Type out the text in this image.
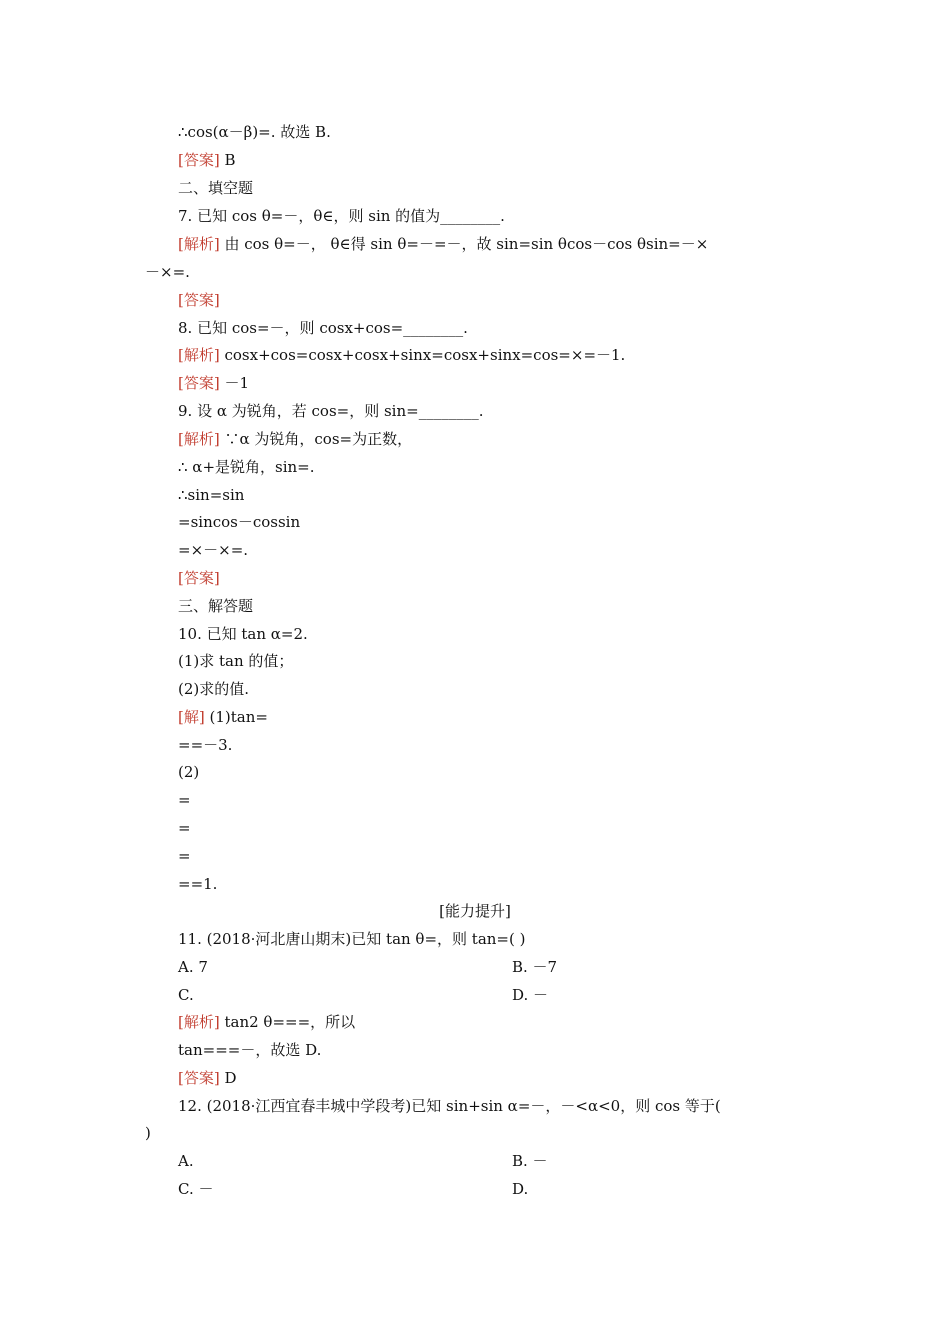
∴cos(α－β)=. 故选 B.
[答案] B
二、填空题
7. 已知 cos θ=－，θ∈，则 sin 的值为________.
[解析] 由 cos θ=－， θ∈得 sin θ=－=－，故 sin=sin θcos－cos θsin=－×
－×=.
[答案]
8. 已知 cos=－，则 cosx+cos=________.
[解析] cosx+cos=cosx+cosx+sinx=cosx+sinx=cos=×=－1.
[答案] －1
9. 设 α 为锐角，若 cos=，则 sin=________.
[解析] ∵α 为锐角，cos=为正数，
∴ α+是锐角，sin=.
∴sin=sin
=sincos－cossin
=×－×=.
[答案]
三、解答题
10. 已知 tan α=2.
(1)求 tan 的值；
(2)求的值.
[解] (1)tan=
==－3.
(2)
=
=
=
==1.
[能力提升]
11. (2018·河北唐山期末)已知 tan θ=，则 tan=( )
A. 7	B. －7
C.	D. －
[解析] tan2 θ===，所以
tan===－，故选 D.
[答案] D
12. (2018·江西宜春丰城中学段考)已知 sin+sin α=－，－<α<0，则 cos 等于(
)
A.	B. －
C. －	D.
